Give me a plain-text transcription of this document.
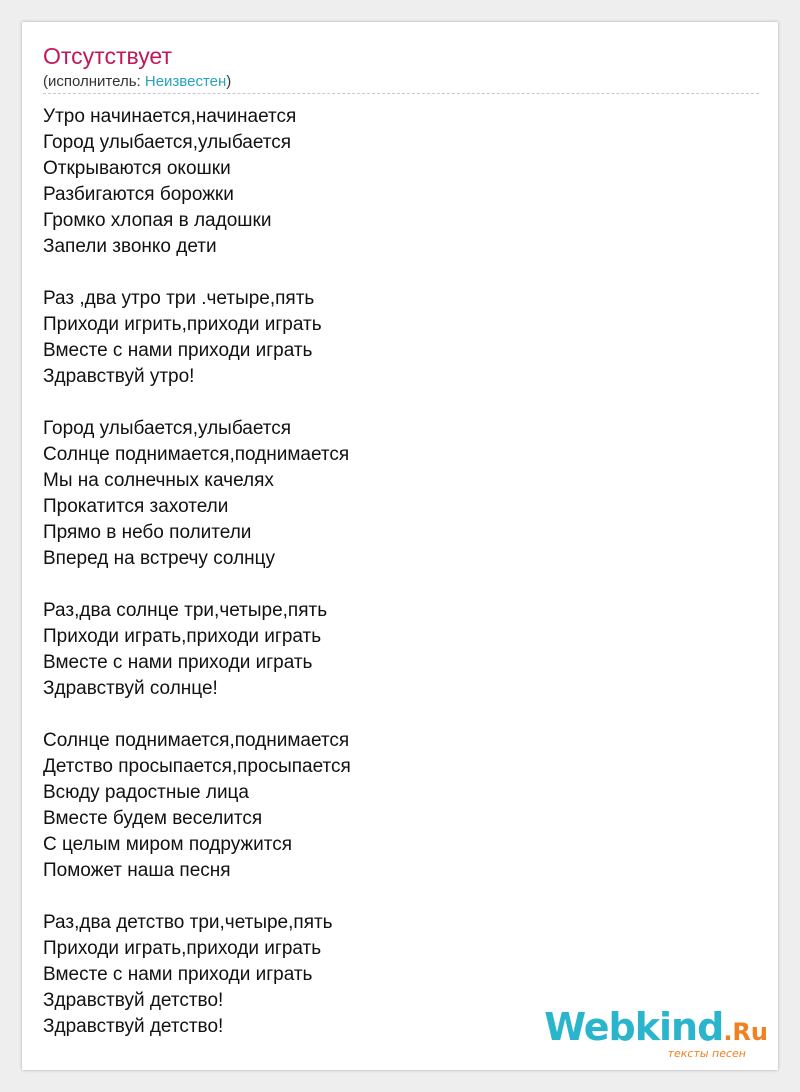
Отсутствует
(исполнитель: Неизвестен)
Утро начинается,начинается
Город улыбается,улыбается
Открываются окошки
Разбигаются борожки
Громко хлопая в ладошки
Запели звонко дети
Раз ,два утро три .четыре,пять
Приходи игрить,приходи играть
Вместе с нами приходи играть
Здравствуй утро!
Город улыбается,улыбается
Солнце поднимается,поднимается
Мы на солнечных качелях
Прокатится захотели
Прямо в небо полители
Вперед на встречу солнцу
Раз,два солнце три,четыре,пять
Приходи играть,приходи играть
Вместе с нами приходи играть
Здравствуй солнце!
Солнце поднимается,поднимается
Детство просыпается,просыпается
Всюду радостные лица
Вместе будем веселится
С целым миром подружится
Поможет наша песня
Раз,два детство три,четыре,пять
Приходи играть,приходи играть
Вместе с нами приходи играть
Здравствуй детство!
Здравствуй детство!	Webkind.Ru
тексты песен
